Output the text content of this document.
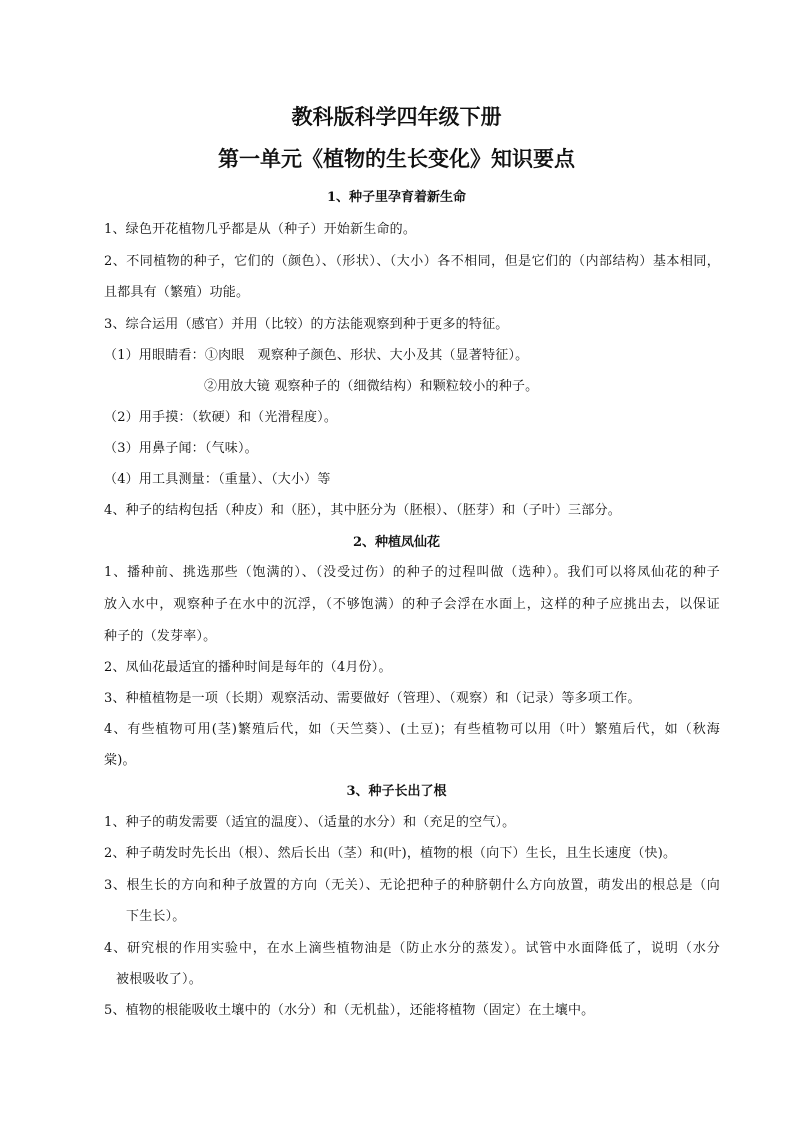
教科版科学四年级下册
第一单元《植物的生长变化》知识要点
1、种子里孕育着新生命
1、绿色开花植物几乎都是从（种子）开始新生命的。
2、不同植物的种子，它们的（颜色）、（形状）、（大小）各不相同，但是它们的（内部结构）基本相同，
且都具有（繁殖）功能。
3、综合运用（感官）并用（比较）的方法能观察到种于更多的特征。
（1）用眼睛看：①肉眼　观察种子颜色、形状、大小及其（显著特征）。
②用放大镜 观察种子的（细微结构）和颗粒较小的种子。
（2）用手摸：（软硬）和（光滑程度）。
（3）用鼻子闻：（气味）。
（4）用工具测量：（重量）、（大小）等
4、种子的结构包括（种皮）和（胚），其中胚分为（胚根）、（胚芽）和（子叶）三部分。
2、种植凤仙花
1、播种前、挑选那些（饱满的）、（没受过伤）的种子的过程叫做（选种）。我们可以将凤仙花的种子
放入水中，观察种子在水中的沉浮，（不够饱满）的种子会浮在水面上，这样的种子应挑出去，以保证
种子的（发芽率）。
2、凤仙花最适宜的播种时间是每年的（4月份）。
3、种植植物是一项（长期）观察活动、需要做好（管理）、（观察）和（记录）等多项工作。
4、有些植物可用(茎)繁殖后代，如（天竺葵）、(土豆)；有些植物可以用（叶）繁殖后代，如（秋海
棠)。
3、种子长出了根
1、种子的萌发需要（适宜的温度）、（适量的水分）和（充足的空气）。
2、种子萌发时先长出（根）、然后长出（茎）和(叶)，植物的根（向下）生长，且生长速度（快)。
3、根生长的方向和种子放置的方向（无关）、无论把种子的种脐朝什么方向放置，萌发出的根总是（向
下生长）。
4、研究根的作用实验中，在水上滴些植物油是（防止水分的蒸发）。试管中水面降低了，说明（水分
被根吸收了）。
5、植物的根能吸收土壤中的（水分）和（无机盐），还能将植物（固定）在土壤中。
